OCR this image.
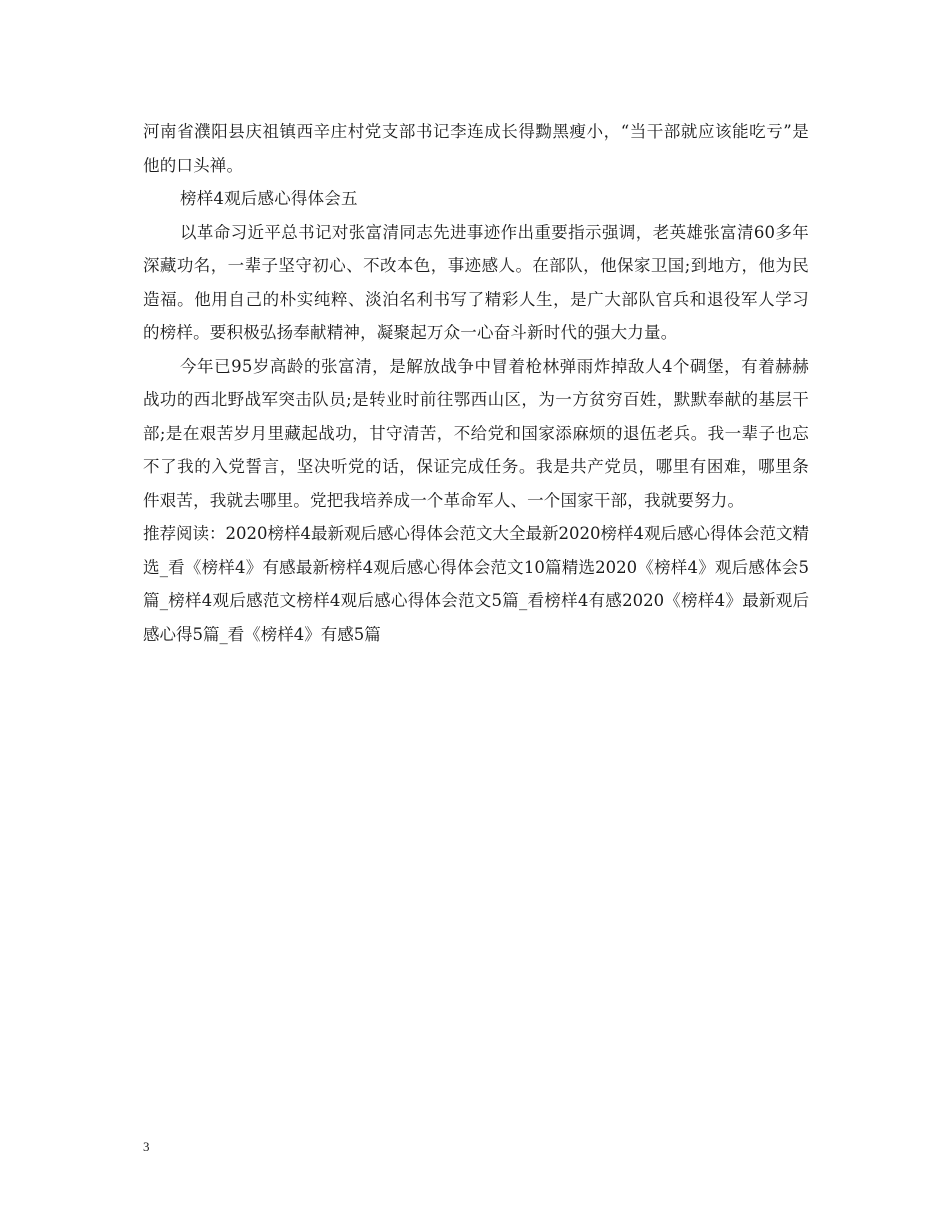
河南省濮阳县庆祖镇西辛庄村党支部书记李连成长得黝黑瘦小，“当干部就应该能吃亏”是他的口头禅。

榜样4观后感心得体会五

以革命习近平总书记对张富清同志先进事迹作出重要指示强调，老英雄张富清60多年深藏功名，一辈子坚守初心、不改本色，事迹感人。在部队，他保家卫国;到地方，他为民造福。他用自己的朴实纯粹、淡泊名利书写了精彩人生，是广大部队官兵和退役军人学习的榜样。要积极弘扬奉献精神，凝聚起万众一心奋斗新时代的强大力量。

今年已95岁高龄的张富清，是解放战争中冒着枪林弹雨炸掉敌人4个碉堡，有着赫赫战功的西北野战军突击队员;是转业时前往鄂西山区，为一方贫穷百姓，默默奉献的基层干部;是在艰苦岁月里藏起战功，甘守清苦，不给党和国家添麻烦的退伍老兵。我一辈子也忘不了我的入党誓言，坚决听党的话，保证完成任务。我是共产党员，哪里有困难，哪里条件艰苦，我就去哪里。党把我培养成一个革命军人、一个国家干部，我就要努力。

推荐阅读：2020榜样4最新观后感心得体会范文大全最新2020榜样4观后感心得体会范文精选_看《榜样4》有感最新榜样4观后感心得体会范文10篇精选2020《榜样4》观后感体会5篇_榜样4观后感范文榜样4观后感心得体会范文5篇_看榜样4有感2020《榜样4》最新观后感心得5篇_看《榜样4》有感5篇

3
